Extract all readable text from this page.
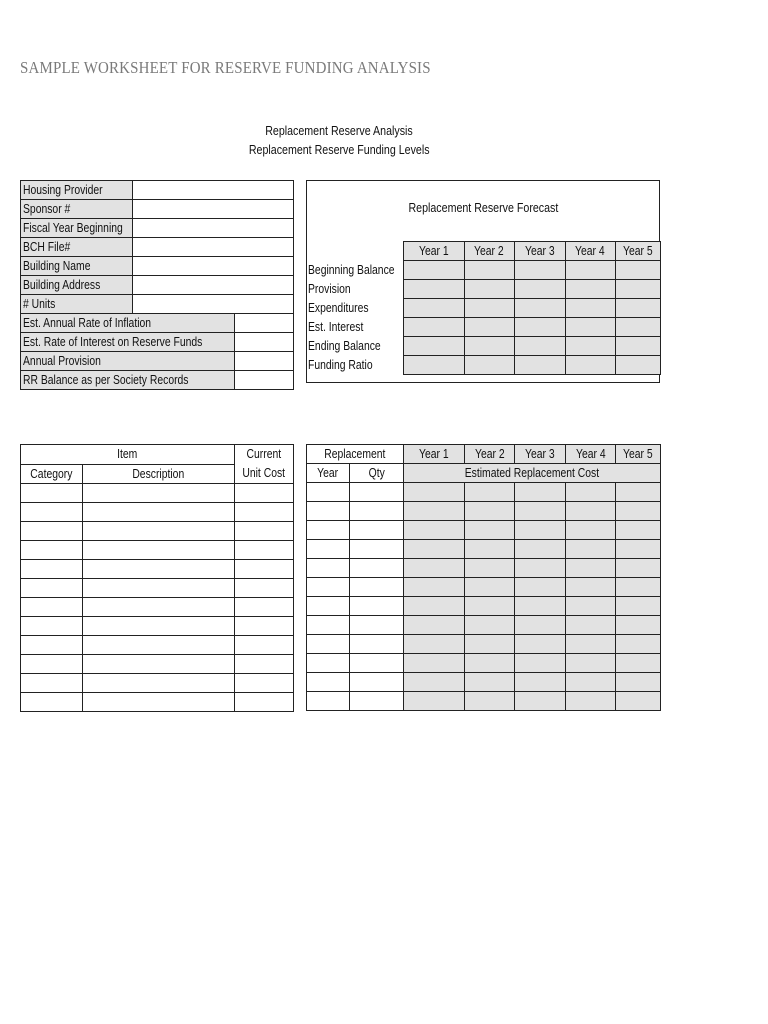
SAMPLE WORKSHEET FOR RESERVE FUNDING ANALYSIS
Replacement Reserve Analysis
Replacement Reserve Funding Levels
Housing Provider		
Sponsor #		
Fiscal Year Beginning		
BCH File#		
Building Name		
Building Address		
# Units		
Est. Annual Rate of Inflation		
Est. Rate of Interest on Reserve Funds		
Annual Provision		
RR Balance as per Society Records		
Replacement Reserve Forecast
	Year 1	Year 2	Year 3	Year 4	Year 5
Beginning Balance					
Provision					
Expenditures					
Est. Interest					
Ending Balance					
Funding Ratio					
Item		Current
Unit Cost
Category	Description	

Replacement		Year 1	Year 2	Year 3	Year 4	Year 5
Year	Qty	Estimated Replacement Cost				
